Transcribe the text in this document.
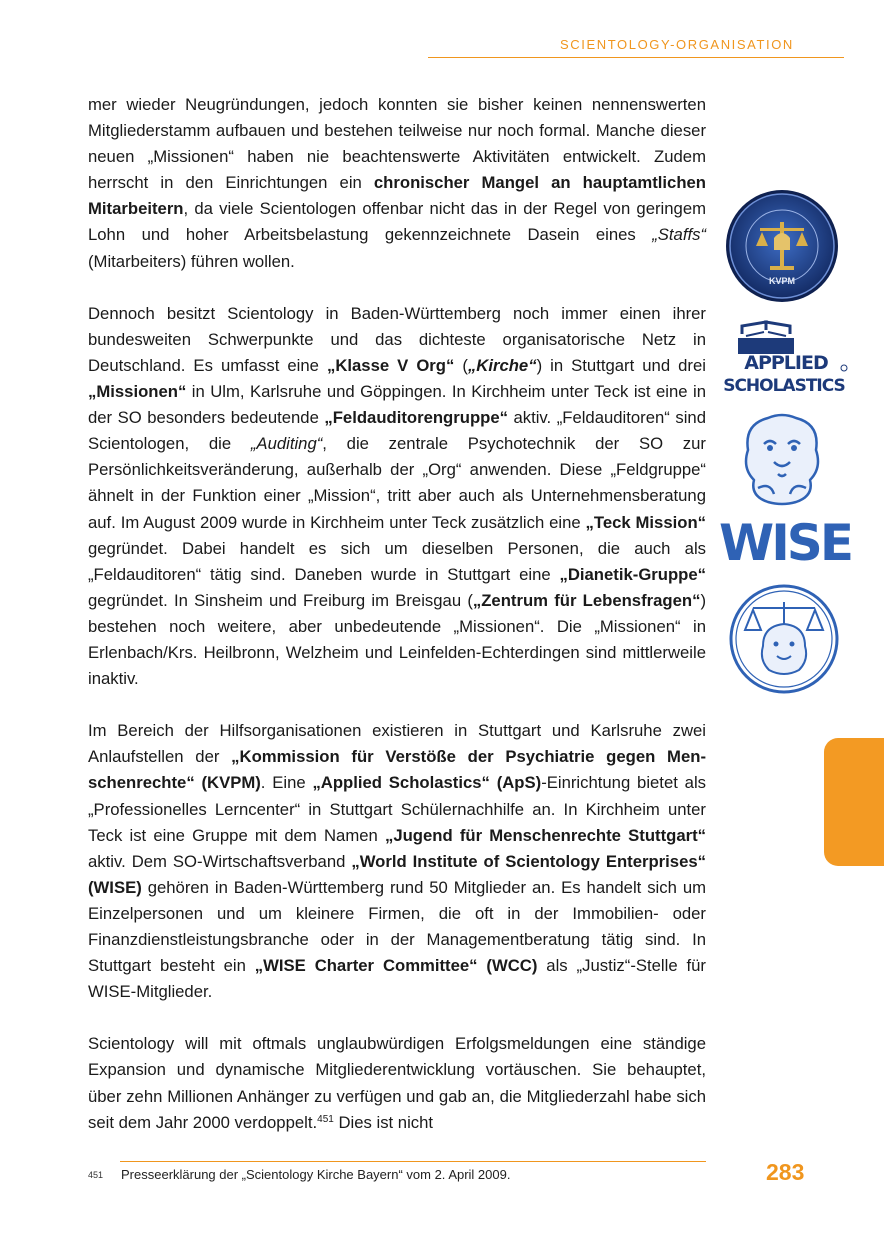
SCIENTOLOGY-ORGANISATION

mer wieder Neugründungen, jedoch konnten sie bisher keinen nennenswerten Mitgliederstamm aufbauen und bestehen teilweise nur noch formal. Manche dieser neuen „Missionen“ haben nie beachtenswerte Aktivitäten entwickelt. Zudem herrscht in den Einrichtungen ein chronischer Mangel an hauptamtlichen Mitarbeitern, da viele Scientologen offenbar nicht das in der Regel von geringem Lohn und hoher Arbeitsbelastung gekennzeichnete Dasein eines „Staffs“ (Mitarbeiters) führen wollen.

Dennoch besitzt Scientology in Baden-Württemberg noch immer einen ihrer bundesweiten Schwerpunkte und das dichteste organisatorische Netz in Deutschland. Es umfasst eine „Klasse V Org“ („Kirche“) in Stuttgart und drei „Missionen“ in Ulm, Karlsruhe und Göppingen. In Kirchheim unter Teck ist eine in der SO besonders bedeutende „Feldauditorengruppe“ aktiv. „Feldauditoren“ sind Scientologen, die „Auditing“, die zentrale Psychotechnik der SO zur Persönlichkeitsveränderung, außerhalb der „Org“ anwenden. Diese „Feldgruppe“ ähnelt in der Funktion einer „Mission“, tritt aber auch als Unternehmensberatung auf. Im August 2009 wurde in Kirchheim unter Teck zusätzlich eine „Teck Mission“ gegründet. Dabei handelt es sich um dieselben Personen, die auch als „Feldauditoren“ tätig sind. Daneben wurde in Stuttgart eine „Dianetik-Gruppe“ gegründet. In Sinsheim und Freiburg im Breisgau („Zentrum für Lebensfragen“) bestehen noch weitere, aber unbedeutende „Missionen“. Die „Missionen“ in Erlenbach/Krs. Heilbronn, Welzheim und Leinfelden-Echterdingen sind mittlerweile inaktiv.

Im Bereich der Hilfsorganisationen existieren in Stuttgart und Karlsruhe zwei Anlaufstellen der „Kommission für Verstöße der Psychiatrie gegen Menschenrechte“ (KVPM). Eine „Applied Scholastics“ (ApS)-Einrichtung bietet als „Professionelles Lerncenter“ in Stuttgart Schülernachhilfe an. In Kirchheim unter Teck ist eine Gruppe mit dem Namen „Jugend für Menschenrechte Stuttgart“ aktiv. Dem SO-Wirtschaftsverband „World Institute of Scientology Enterprises“ (WISE) gehören in Baden-Württemberg rund 50 Mitglieder an. Es handelt sich um Einzelpersonen und um kleinere Firmen, die oft in der Immobilien- oder Finanzdienstleistungsbranche oder in der Managementberatung tätig sind. In Stuttgart besteht ein „WISE Charter Committee“ (WCC) als „Justiz“-Stelle für WISE-Mitglieder.

Scientology will mit oftmals unglaubwürdigen Erfolgsmeldungen eine ständige Expansion und dynamische Mitgliederentwicklung vortäuschen. Sie behauptet, über zehn Millionen Anhänger zu verfügen und gab an, die Mitgliederzahl habe sich seit dem Jahr 2000 verdoppelt.$^{451}$ Dies ist nicht

KVPM
APPLIED
SCHOLASTICS
WISE
451 Presseerklärung der „Scientology Kirche Bayern“ vom 2. April 2009.	283
